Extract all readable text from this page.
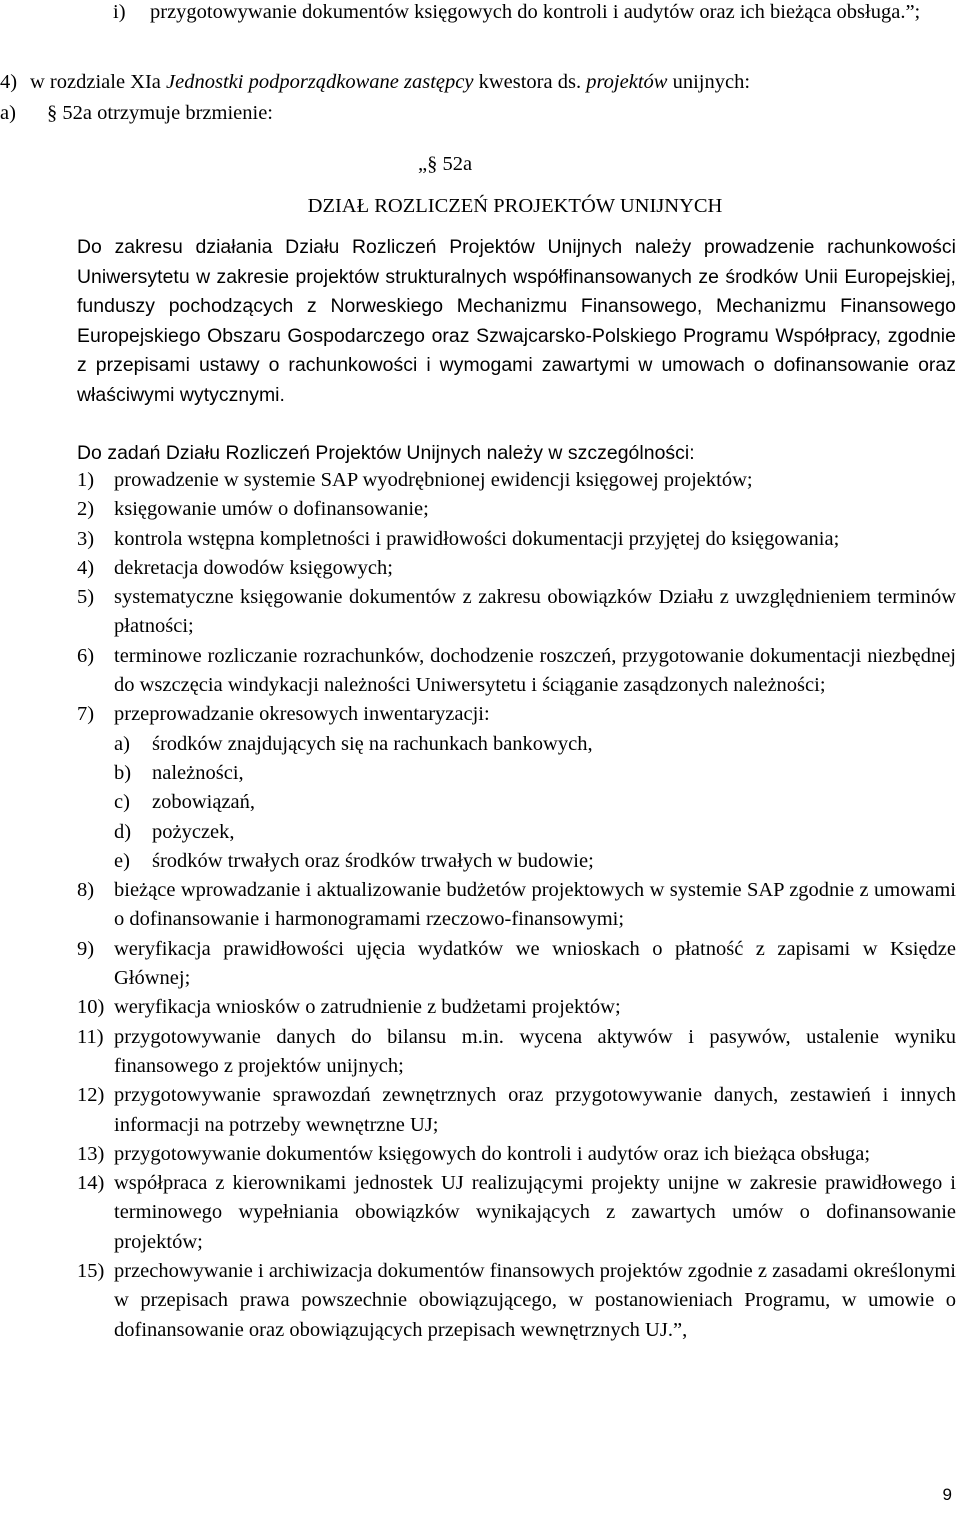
i)	przygotowywanie dokumentów księgowych do kontroli i audytów oraz ich bieżąca obsługa.”;
4) w rozdziale XIa Jednostki podporządkowane zastępcy kwestora ds. projektów unijnych:
a) § 52a otrzymuje brzmienie:
„§ 52a
DZIAŁ ROZLICZEŃ PROJEKTÓW UNIJNYCH
Do zakresu działania Działu Rozliczeń Projektów Unijnych należy prowadzenie rachunkowości Uniwersytetu w zakresie projektów strukturalnych współfinansowanych ze środków Unii Europejskiej, funduszy pochodzących z Norweskiego Mechanizmu Finansowego, Mechanizmu Finansowego Europejskiego Obszaru Gospodarczego oraz Szwajcarsko-Polskiego Programu Współpracy, zgodnie z przepisami ustawy o rachunkowości i wymogami zawartymi w umowach o dofinansowanie oraz właściwymi wytycznymi.
Do zadań Działu Rozliczeń Projektów Unijnych należy w szczególności:
1) prowadzenie w systemie SAP wyodrębnionej ewidencji księgowej projektów;
2) księgowanie umów o dofinansowanie;
3) kontrola wstępna kompletności i prawidłowości dokumentacji przyjętej do księgowania;
4) dekretacja dowodów księgowych;
5) systematyczne księgowanie dokumentów z zakresu obowiązków Działu z uwzględnieniem terminów płatności;
6) terminowe rozliczanie rozrachunków, dochodzenie roszczeń, przygotowanie dokumentacji niezbędnej do wszczęcia windykacji należności Uniwersytetu i ściąganie zasądzonych należności;
7) przeprowadzanie okresowych inwentaryzacji:
a)	środków znajdujących się na rachunkach bankowych,
b)	należności,
c)	zobowiązań,
d)	pożyczek,
e)	środków trwałych oraz środków trwałych w budowie;
8) bieżące wprowadzanie i aktualizowanie budżetów projektowych w systemie SAP zgodnie z umowami o dofinansowanie i harmonogramami rzeczowo-finansowymi;
9) weryfikacja prawidłowości ujęcia wydatków we wnioskach o płatność z zapisami w Księdze Głównej;
10) weryfikacja wniosków o zatrudnienie z budżetami projektów;
11) przygotowywanie danych do bilansu m.in. wycena aktywów i pasywów, ustalenie wyniku finansowego z projektów unijnych;
12) przygotowywanie sprawozdań zewnętrznych oraz przygotowywanie danych, zestawień i innych informacji na potrzeby wewnętrzne UJ;
13) przygotowywanie dokumentów księgowych do kontroli i audytów oraz ich bieżąca obsługa;
14) współpraca z kierownikami jednostek UJ realizującymi projekty unijne w zakresie prawidłowego i terminowego wypełniania obowiązków wynikających z zawartych umów o dofinansowanie projektów;
15) przechowywanie i archiwizacja dokumentów finansowych projektów zgodnie z zasadami określonymi w przepisach prawa powszechnie obowiązującego, w postanowieniach Programu, w umowie o dofinansowanie oraz obowiązujących przepisach wewnętrznych UJ.”,
9
